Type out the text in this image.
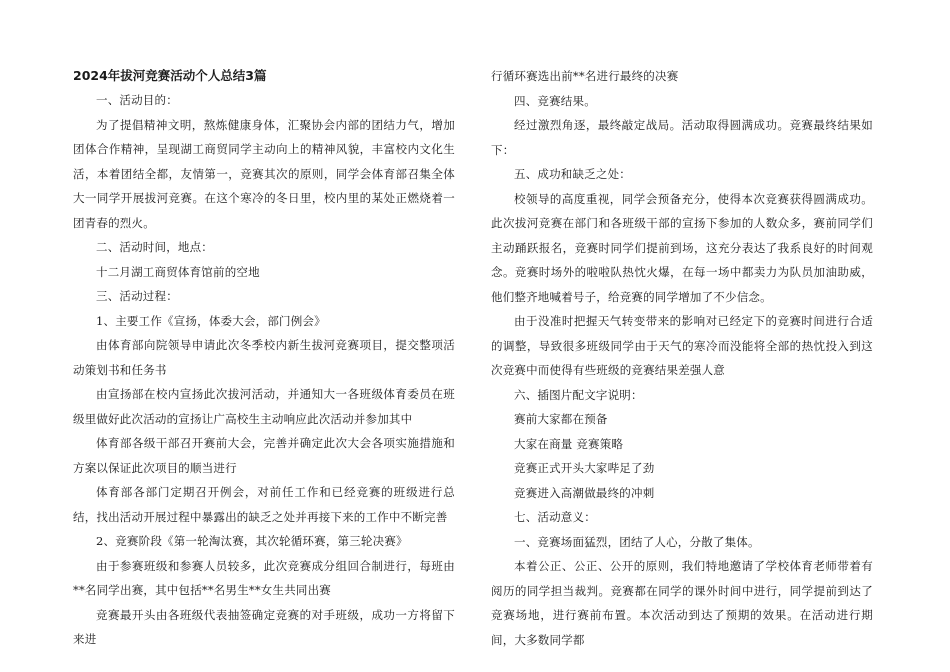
2024年拔河竞赛活动个人总结3篇

一、活动目的：

为了提倡精神文明，熬炼健康身体，汇聚协会内部的团结力气，增加团体合作精神，呈现湖工商贸同学主动向上的精神风貌，丰富校内文化生活，本着团结全都，友情第一，竞赛其次的原则，同学会体育部召集全体大一同学开展拔河竞赛。在这个寒冷的冬日里，校内里的某处正燃烧着一团青春的烈火。

二、活动时间，地点：

十二月湖工商贸体育馆前的空地

三、活动过程：

1、主要工作《宣扬，体委大会，部门例会》

由体育部向院领导申请此次冬季校内新生拔河竞赛项目，提交整项活动策划书和任务书

由宣扬部在校内宣扬此次拔河活动，并通知大一各班级体育委员在班级里做好此次活动的宣扬让广高校生主动响应此次活动并参加其中

体育部各级干部召开赛前大会，完善并确定此次大会各项实施措施和方案以保证此次项目的顺当进行

体育部各部门定期召开例会，对前任工作和已经竞赛的班级进行总结，找出活动开展过程中暴露出的缺乏之处并再接下来的工作中不断完善

2、竞赛阶段《第一轮淘汰赛，其次轮循环赛，第三轮决赛》

由于参赛班级和参赛人员较多，此次竞赛成分组回合制进行，每班由**名同学出赛，其中包括**名男生**女生共同出赛

竞赛最开头由各班级代表抽签确定竞赛的对手班级，成功一方将留下来进

行循环赛选出前**名进行最终的决赛

四、竞赛结果。

经过激烈角逐，最终敲定战局。活动取得圆满成功。竞赛最终结果如下：

五、成功和缺乏之处：

校领导的高度重视，同学会预备充分，使得本次竞赛获得圆满成功。此次拔河竞赛在部门和各班级干部的宣扬下参加的人数众多，赛前同学们主动踊跃报名，竞赛时同学们提前到场，这充分表达了我系良好的时间观念。竞赛时场外的啦啦队热忱火爆，在每一场中都卖力为队员加油助威，他们整齐地喊着号子，给竞赛的同学增加了不少信念。

由于没准时把握天气转变带来的影响对已经定下的竞赛时间进行合适的调整，导致很多班级同学由于天气的寒冷而没能将全部的热忱投入到这次竞赛中而使得有些班级的竞赛结果差强人意

六、插图片配文字说明：

赛前大家都在预备

大家在商量 竞赛策略

竞赛正式开头大家哔足了劲

竞赛进入高潮做最终的冲刺

七、活动意义：

一、竞赛场面猛烈，团结了人心，分散了集体。

本着公正、公正、公开的原则，我们特地邀请了学校体育老师带着有阅历的同学担当裁判。竞赛都在同学的课外时间中进行，同学提前到达了竞赛场地，进行赛前布置。本次活动到达了预期的效果。在活动进行期间，大多数同学都
